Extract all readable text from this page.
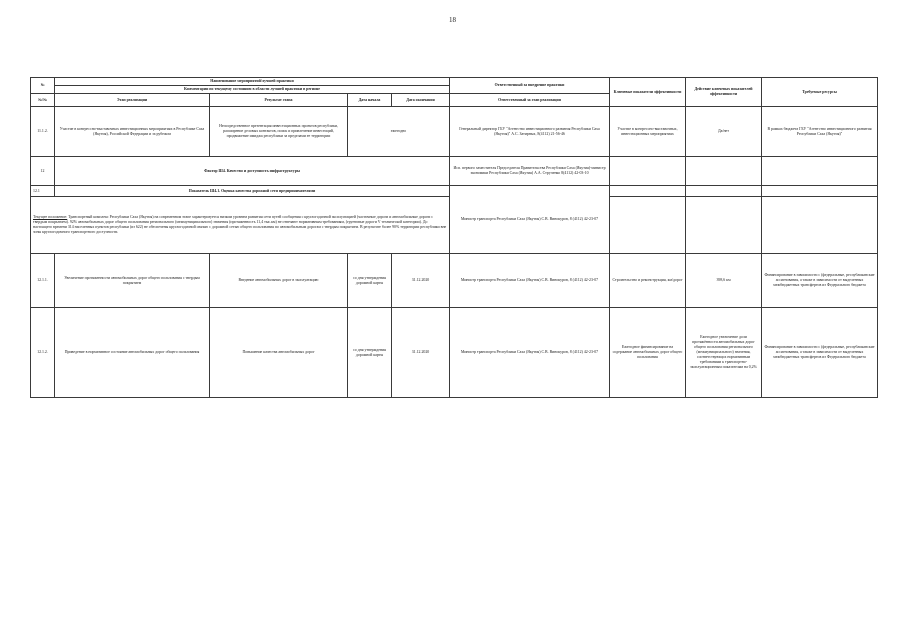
18
№	Наименование мероприятий/лучшей практики				Ответственный за внедрение практики	Ключевые показатели эффективности	Действие ключевых показателей эффективности	Требуемые ресурсы
	Комментарии по текущему состоянию в области лучшей практики в регионе							
№/№	Этап реализации	Результат этапа	Дата начала	Дата окончания	Ответственный за этап реализации			
11.1.2.	Участие в конгрессно-выставочных инвестиционных мероприятиях в Республике Саха (Якутия), Российской Федерации и за рубежом	Непосредственное презентация инвестиционных проектов республики, расширение деловых контактов, поиск и привлечение инвестиций, продвижение имиджа республики за пределами ее территории	ежегодно		Генеральный директор ГБУ "Агентство инвестиционного развития Республики Саха (Якутия)" А.С. Затирных, 8(4112) 21-56-46	Участие в конгрессно-выставочных, инвестиционных мероприятиях	Да/нет	В рамках бюджета ГБУ "Агентство инвестиционного развития Республики Саха (Якутия)"
12	Фактор Ш4. Качество и доступность инфраструктуры				Исп. первого заместителя Председателя Правительства Республики Саха (Якутия)-министр экономики Республики Саха (Якутия) А.А. Струченко 8(4112) 42-03-10			
12.1	Показатель Ш4.1. Оценка качества дорожной сети предпринимателями				Министр транспорта Республики Саха (Якутия) С.В. Винокуров, 8 (4112) 42-23-07			
Текущее положение: Транспортный комплекс Республики Саха (Якутия) на современном этапе характеризуется низким уровнем развития сети путей сообщения с круглогодичной эксплуатацией (частичные дороги и автомобильные дороги с твердым покрытием). 92% автомобильных дорог общего пользования регионального (межмуниципального) значения (протяженность 11,4 тыс.км) не отвечают нормативным требованиям, (грунтовые дороги V технической категории). До настоящего времени 314 населенных пунктов республики (из 622) не обеспечены круглогодичной связью с дорожной сетью общего пользования по автомобильным дорогам с твердым покрытием. В результате более 90% территории республики вне зоны круглогодичного транспортного доступности.								
12.1.1.	Увеличение протяженности автомобильных дорог общего пользования с твердым покрытием	Введение автомобильных дорог в эксплуатацию	со дня утверждения дорожной карты	31.12.2020	Министр транспорта Республики Саха (Якутия) С.В. Винокуров, 8 (4112) 42-23-07	Строительство и реконструкция, км/дорог	398,6 км	Финансирование в зависимости с (федеральные, республиканские ассигнования, а также в зависимости от выделенных межбюджетных трансфертов из Федерального бюджета
12.1.2.	Приведение в нормативное состояние автомобильных дорог общего пользования	Повышение качества автомобильных дорог	со дня утверждения дорожной карты	31.12.2020	Министр транспорта Республики Саха (Якутия) С.В. Винокуров, 8 (4112) 42-23-07	Ежегодное финансирование на содержание автомобильных дорог общего пользования	Ежегодное увеличение доли протяжённости автомобильных дорог общего пользования регионального (межмуниципального) значения, соответствующих нормативным требованиям к транспортно-эксплуатационным показателям на 0,2%	Финансирование в зависимости с (федеральные, республиканские ассигнования, а также в зависимости от выделенных межбюджетных трансфертов из Федерального бюджета
